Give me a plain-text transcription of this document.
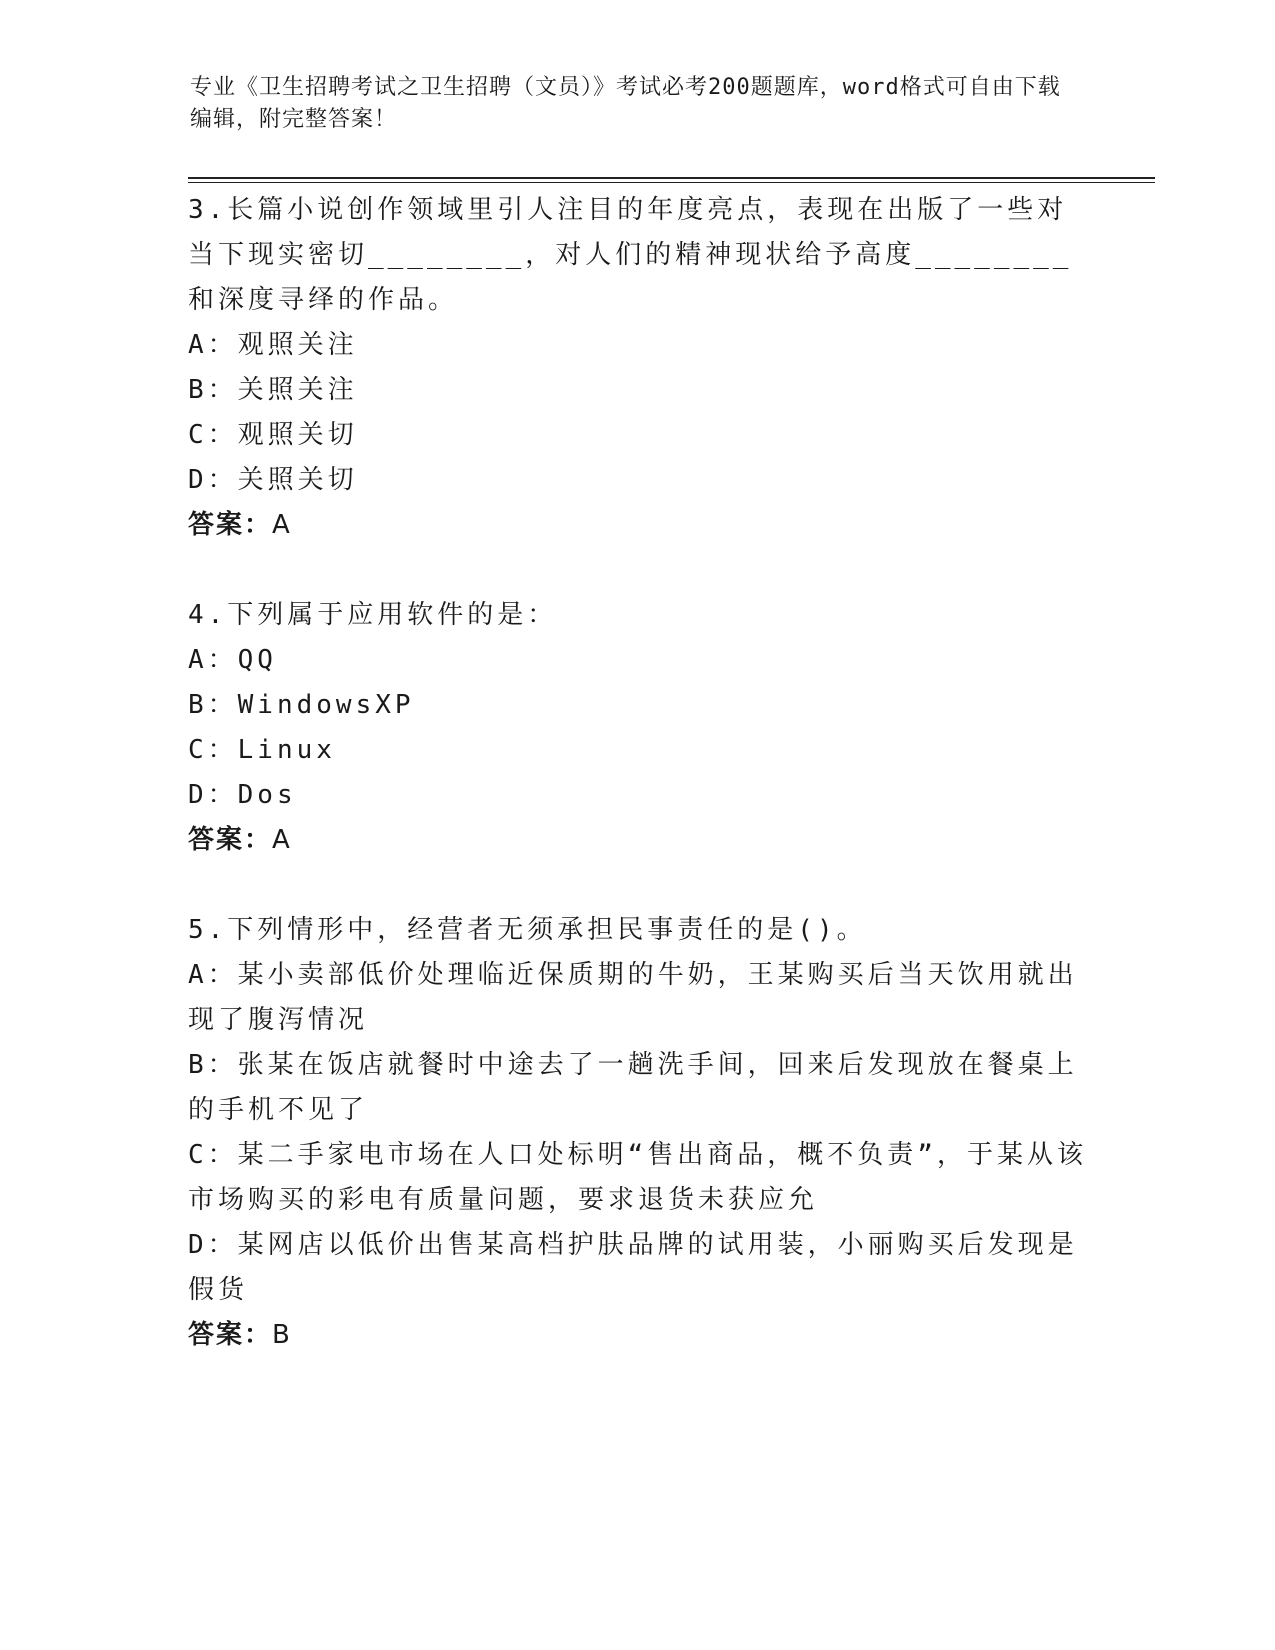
专业《卫生招聘考试之卫生招聘（文员）》考试必考200题题库，word格式可自由下载编辑，附完整答案！

3.长篇小说创作领域里引人注目的年度亮点，表现在出版了一些对当下现实密切________，对人们的精神现状给予高度________和深度寻绎的作品。

A：观照关注

B：关照关注

C：观照关切

D：关照关切

答案：A

4.下列属于应用软件的是：

A：QQ

B：WindowsXP

C：Linux

D：Dos

答案：A

5.下列情形中，经营者无须承担民事责任的是()。

A：某小卖部低价处理临近保质期的牛奶，王某购买后当天饮用就出现了腹泻情况

B：张某在饭店就餐时中途去了一趟洗手间，回来后发现放在餐桌上的手机不见了

C：某二手家电市场在人口处标明“售出商品，概不负责”，于某从该市场购买的彩电有质量问题，要求退货未获应允

D：某网店以低价出售某高档护肤品牌的试用装，小丽购买后发现是假货

答案：B
